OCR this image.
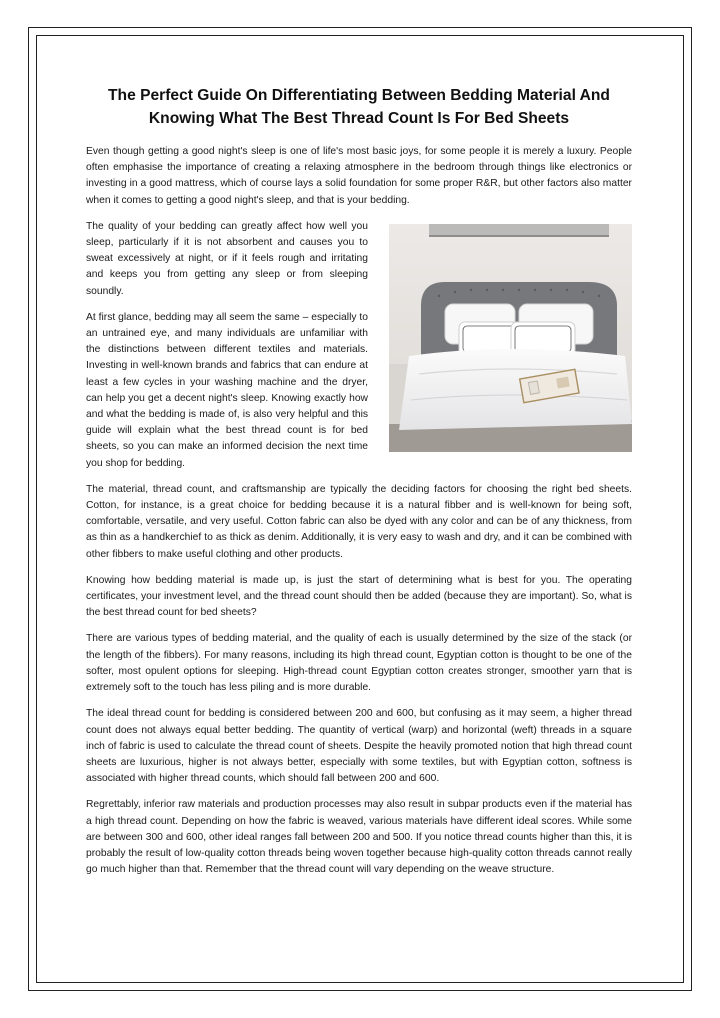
The Perfect Guide On Differentiating Between Bedding Material And Knowing What The Best Thread Count Is For Bed Sheets

Even though getting a good night's sleep is one of life's most basic joys, for some people it is merely a luxury. People often emphasise the importance of creating a relaxing atmosphere in the bedroom through things like electronics or investing in a good mattress, which of course lays a solid foundation for some proper R&R, but other factors also matter when it comes to getting a good night's sleep, and that is your bedding.

The quality of your bedding can greatly affect how well you sleep, particularly if it is not absorbent and causes you to sweat excessively at night, or if it feels rough and irritating and keeps you from getting any sleep or from sleeping soundly.

At first glance, bedding may all seem the same – especially to an untrained eye, and many individuals are unfamiliar with the distinctions between different textiles and materials. Investing in well-known brands and fabrics that can endure at least a few cycles in your washing machine and the dryer, can help you get a decent night's sleep. Knowing exactly how and what the bedding is made of, is also very helpful and this guide will explain what the best thread count is for bed sheets, so you can make an informed decision the next time you shop for bedding.

The material, thread count, and craftsmanship are typically the deciding factors for choosing the right bed sheets. Cotton, for instance, is a great choice for bedding because it is a natural fibber and is well-known for being soft, comfortable, versatile, and very useful. Cotton fabric can also be dyed with any color and can be of any thickness, from as thin as a handkerchief to as thick as denim. Additionally, it is very easy to wash and dry, and it can be combined with other fibbers to make useful clothing and other products.

Knowing how bedding material is made up, is just the start of determining what is best for you. The operating certificates, your investment level, and the thread count should then be added (because they are important). So, what is the best thread count for bed sheets?

There are various types of bedding material, and the quality of each is usually determined by the size of the stack (or the length of the fibbers). For many reasons, including its high thread count, Egyptian cotton is thought to be one of the softer, most opulent options for sleeping. High-thread count Egyptian cotton creates stronger, smoother yarn that is extremely soft to the touch has less piling and is more durable.

The ideal thread count for bedding is considered between 200 and 600, but confusing as it may seem, a higher thread count does not always equal better bedding. The quantity of vertical (warp) and horizontal (weft) threads in a square inch of fabric is used to calculate the thread count of sheets. Despite the heavily promoted notion that high thread count sheets are luxurious, higher is not always better, especially with some textiles, but with Egyptian cotton, softness is associated with higher thread counts, which should fall between 200 and 600.

Regrettably, inferior raw materials and production processes may also result in subpar products even if the material has a high thread count. Depending on how the fabric is weaved, various materials have different ideal scores. While some are between 300 and 600, other ideal ranges fall between 200 and 500. If you notice thread counts higher than this, it is probably the result of low-quality cotton threads being woven together because high-quality cotton threads cannot really go much higher than that. Remember that the thread count will vary depending on the weave structure.
